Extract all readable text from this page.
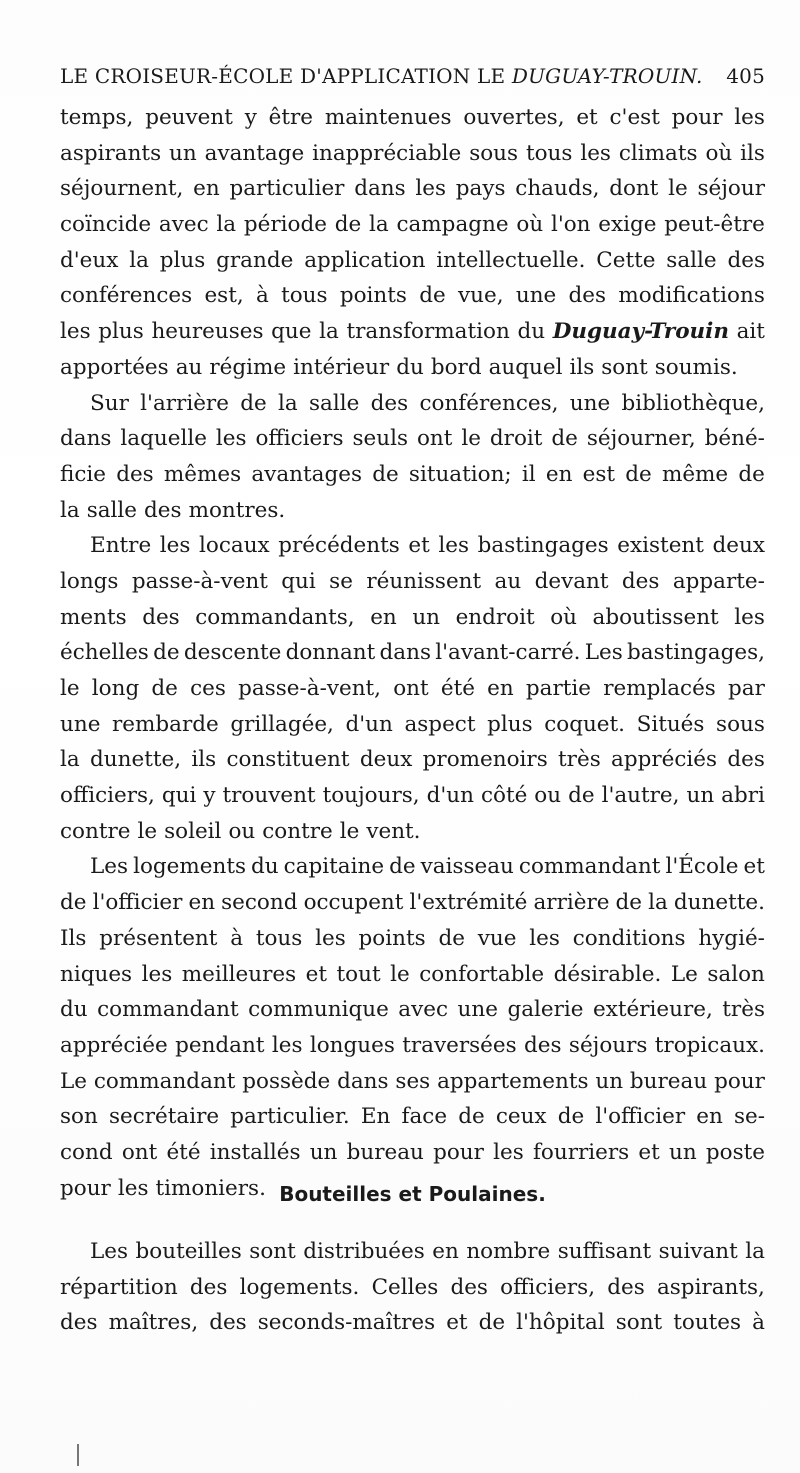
LE CROISEUR-ÉCOLE D'APPLICATION LE DUGUAY-TROUIN. 405
temps, peuvent y être maintenues ouvertes, et c'est pour les
aspirants un avantage inappréciable sous tous les climats où ils
séjournent, en particulier dans les pays chauds, dont le séjour
coïncide avec la période de la campagne où l'on exige peut-être
d'eux la plus grande application intellectuelle. Cette salle des
conférences est, à tous points de vue, une des modifications
les plus heureuses que la transformation du Duguay-Trouin ait
apportées au régime intérieur du bord auquel ils sont soumis.
Sur l'arrière de la salle des conférences, une bibliothèque,
dans laquelle les officiers seuls ont le droit de séjourner, béné-
ficie des mêmes avantages de situation; il en est de même de
la salle des montres.
Entre les locaux précédents et les bastingages existent deux
longs passe-à-vent qui se réunissent au devant des apparte-
ments des commandants, en un endroit où aboutissent les
échelles de descente donnant dans l'avant-carré. Les bastingages,
le long de ces passe-à-vent, ont été en partie remplacés par
une rembarde grillagée, d'un aspect plus coquet. Situés sous
la dunette, ils constituent deux promenoirs très appréciés des
officiers, qui y trouvent toujours, d'un côté ou de l'autre, un abri
contre le soleil ou contre le vent.
Les logements du capitaine de vaisseau commandant l'École et
de l'officier en second occupent l'extrémité arrière de la dunette.
Ils présentent à tous les points de vue les conditions hygié-
niques les meilleures et tout le confortable désirable. Le salon
du commandant communique avec une galerie extérieure, très
appréciée pendant les longues traversées des séjours tropicaux.
Le commandant possède dans ses appartements un bureau pour
son secrétaire particulier. En face de ceux de l'officier en se-
cond ont été installés un bureau pour les fourriers et un poste
pour les timoniers. Bouteilles et Poulaines.
Les bouteilles sont distribuées en nombre suffisant suivant la
répartition des logements. Celles des officiers, des aspirants,
des maîtres, des seconds-maîtres et de l'hôpital sont toutes à
